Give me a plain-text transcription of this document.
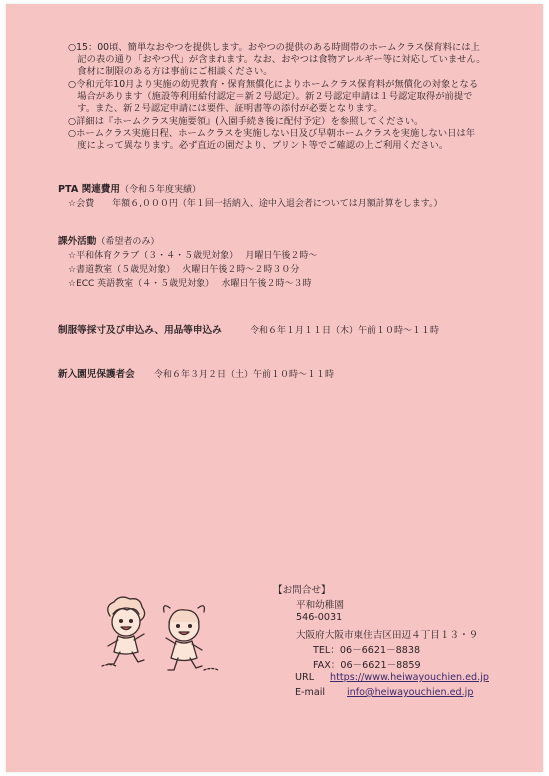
○15：00頃、簡単なおやつを提供します。おやつの提供のある時間帯のホームクラス保育料には上
　記の表の通り「おやつ代」が含まれます。なお、おやつは食物アレルギー等に対応していません。
　食材に制限のある方は事前にご相談ください。
○令和元年10月より実施の幼児教育・保育無償化によりホームクラス保育料が無償化の対象となる
　場合があります（施設等利用給付認定＝新２号認定）。新２号認定申請は１号認定取得が前提で
　す。また、新２号認定申請には要件、証明書等の添付が必要となります。
○詳細は『ホームクラス実施要領』(入園手続き後に配付予定）を参照してください。
○ホームクラス実施日程、ホームクラスを実施しない日及び早朝ホームクラスを実施しない日は年
　度によって異なります。必ず直近の園だより、プリント等でご確認の上ご利用ください。
PTA 関連費用（令和５年度実績）
☆会費　　年額６,０００円（年１回一括納入、途中入退会者については月額計算をします。）
課外活動（希望者のみ）
☆平和体育クラブ（３・４・５歳児対象）　 月曜日午後２時～
☆書道教室（５歳児対象）　 火曜日午後２時～２時３０分
☆ECC 英語教室（４・５歳児対象）　 水曜日午後２時～３時
制服等採寸及び申込み、用品等申込み	令和６年１月１１日（木）午前１０時～１１時
新入園児保護者会 令和６年３月２日（土）午前１０時～１１時
【お問合せ】
平和幼稚園
546-0031
大阪府大阪市東住吉区田辺４丁目１３・９
TEL：06－6621－8838
FAX：06－6621－8859
URL https://www.heiwayouchien.ed.jp
E-mail info@heiwayouchien.ed.jp
